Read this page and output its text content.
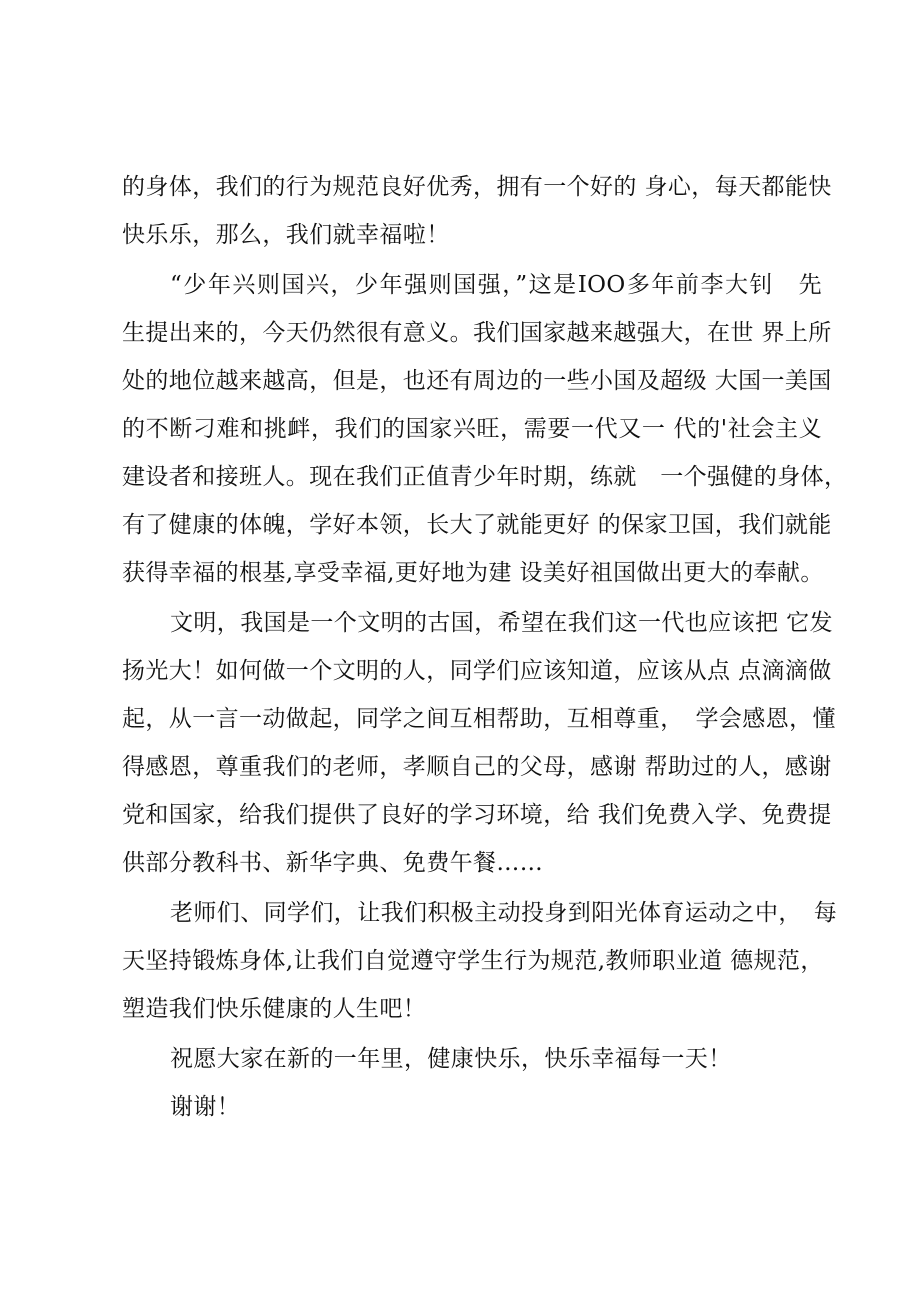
的身体，我们的行为规范良好优秀，拥有一个好的 身心，每天都能快

快乐乐，那么，我们就幸福啦！

“少年兴则国兴，少年强则国强，”这是IOO多年前李大钊　先

生提出来的，今天仍然很有意义。我们国家越来越强大，在世 界上所

处的地位越来越高，但是，也还有周边的一些小国及超级 大国一美国

的不断刁难和挑衅，我们的国家兴旺，需要一代又一 代的'社会主义

建设者和接班人。现在我们正值青少年时期，练就　一个强健的身体，

有了健康的体魄，学好本领，长大了就能更好 的保家卫国，我们就能

获得幸福的根基,享受幸福,更好地为建 设美好祖国做出更大的奉献。

文明，我国是一个文明的古国，希望在我们这一代也应该把 它发

扬光大！如何做一个文明的人，同学们应该知道，应该从点 点滴滴做

起，从一言一动做起，同学之间互相帮助，互相尊重，　学会感恩，懂

得感恩，尊重我们的老师，孝顺自己的父母，感谢 帮助过的人，感谢

党和国家，给我们提供了良好的学习环境，给 我们免费入学、免费提

供部分教科书、新华字典、免费午餐……

老师们、同学们，让我们积极主动投身到阳光体育运动之中，　每

天坚持锻炼身体,让我们自觉遵守学生行为规范,教师职业道 德规范，

塑造我们快乐健康的人生吧！

祝愿大家在新的一年里，健康快乐，快乐幸福每一天！

谢谢！
